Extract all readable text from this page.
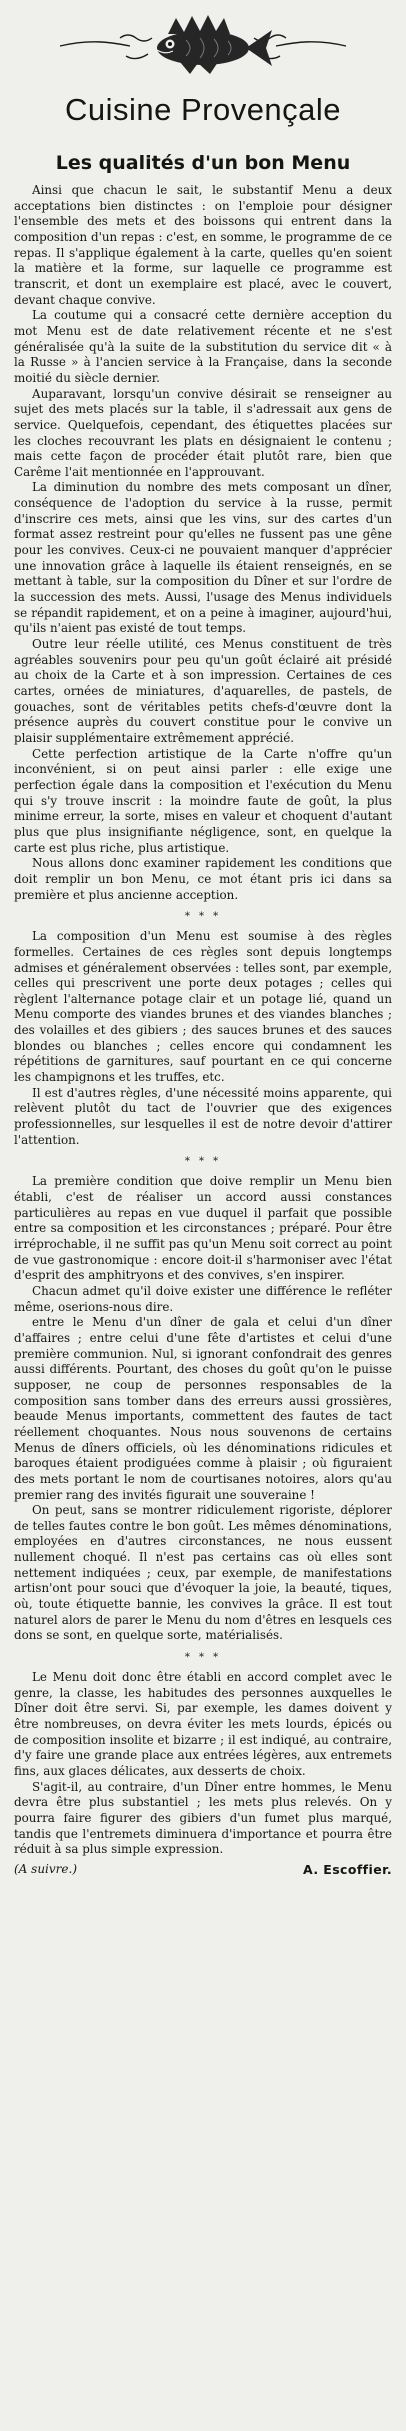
Cuisine Provençale
Les qualités d'un bon Menu

Ainsi que chacun le sait, le substantif Menu a deux acceptations bien distinctes : on l'emploie pour désigner l'ensemble des mets et des boissons qui entrent dans la composition d'un repas : c'est, en somme, le programme de ce repas. Il s'applique également à la carte, quelles qu'en soient la matière et la forme, sur laquelle ce programme est transcrit, et dont un exemplaire est placé, avec le couvert, devant chaque convive.

La coutume qui a consacré cette dernière acception du mot Menu est de date relativement récente et ne s'est généralisée qu'à la suite de la substitution du service dit « à la Russe » à l'ancien service à la Française, dans la seconde moitié du siècle dernier.

Auparavant, lorsqu'un convive désirait se renseigner au sujet des mets placés sur la table, il s'adressait aux gens de service. Quelquefois, cependant, des étiquettes placées sur les cloches recouvrant les plats en désignaient le contenu ; mais cette façon de procéder était plutôt rare, bien que Carême l'ait mentionnée en l'approuvant.

La diminution du nombre des mets composant un dîner, conséquence de l'adoption du service à la russe, permit d'inscrire ces mets, ainsi que les vins, sur des cartes d'un format assez restreint pour qu'elles ne fussent pas une gêne pour les convives. Ceux-ci ne pouvaient manquer d'apprécier une innovation grâce à laquelle ils étaient renseignés, en se mettant à table, sur la composition du Dîner et sur l'ordre de la succession des mets. Aussi, l'usage des Menus individuels se répandit rapidement, et on a peine à imaginer, aujourd'hui, qu'ils n'aient pas existé de tout temps.

Outre leur réelle utilité, ces Menus constituent de très agréables souvenirs pour peu qu'un goût éclairé ait présidé au choix de la Carte et à son impression. Certaines de ces cartes, ornées de miniatures, d'aquarelles, de pastels, de gouaches, sont de véritables petits chefs-d'œuvre dont la présence auprès du couvert constitue pour le convive un plaisir supplémentaire extrêmement apprécié.

Cette perfection artistique de la Carte n'offre qu'un inconvénient, si on peut ainsi parler : elle exige une perfection égale dans la composition et l'exécution du Menu qui s'y trouve inscrit : la moindre faute de goût, la plus minime erreur, la sorte, mises en valeur et choquent d'autant plus que plus insignifiante négligence, sont, en quelque la carte est plus riche, plus artistique.

Nous allons donc examiner rapidement les conditions que doit remplir un bon Menu, ce mot étant pris ici dans sa première et plus ancienne acception.

* * *

La composition d'un Menu est soumise à des règles formelles. Certaines de ces règles sont depuis longtemps admises et généralement observées : telles sont, par exemple, celles qui prescrivent une porte deux potages ; celles qui règlent l'alternance potage clair et un potage lié, quand un Menu comporte des viandes brunes et des viandes blanches ; des volailles et des gibiers ; des sauces brunes et des sauces blondes ou blanches ; celles encore qui condamnent les répétitions de garnitures, sauf pourtant en ce qui concerne les champignons et les truffes, etc.

Il est d'autres règles, d'une nécessité moins apparente, qui relèvent plutôt du tact de l'ouvrier que des exigences professionnelles, sur lesquelles il est de notre devoir d'attirer l'attention.

* * *

La première condition que doive remplir un Menu bien établi, c'est de réaliser un accord aussi constances particulières au repas en vue duquel il parfait que possible entre sa composition et les circonstances ; préparé. Pour être irréprochable, il ne suffit pas qu'un Menu soit correct au point de vue gastronomique : encore doit-il s'harmoniser avec l'état d'esprit des amphitryons et des convives, s'en inspirer.

Chacun admet qu'il doive exister une différence le refléter même, oserions-nous dire.

entre le Menu d'un dîner de gala et celui d'un dîner d'affaires ; entre celui d'une fête d'artistes et celui d'une première communion. Nul, si ignorant confondrait des genres aussi différents. Pourtant, des choses du goût qu'on le puisse supposer, ne coup de personnes responsables de la composition sans tomber dans des erreurs aussi grossières, beaude Menus importants, commettent des fautes de tact réellement choquantes. Nous nous souvenons de certains Menus de dîners officiels, où les dénominations ridicules et baroques étaient prodiguées comme à plaisir ; où figuraient des mets portant le nom de courtisanes notoires, alors qu'au premier rang des invités figurait une souveraine !

On peut, sans se montrer ridiculement rigoriste, déplorer de telles fautes contre le bon goût. Les mêmes dénominations, employées en d'autres circonstances, ne nous eussent nullement choqué. Il n'est pas certains cas où elles sont nettement indiquées ; ceux, par exemple, de manifestations artisn'ont pour souci que d'évoquer la joie, la beauté, tiques, où, toute étiquette bannie, les convives la grâce. Il est tout naturel alors de parer le Menu du nom d'êtres en lesquels ces dons se sont, en quelque sorte, matérialisés.

* * *

Le Menu doit donc être établi en accord complet avec le genre, la classe, les habitudes des personnes auxquelles le Dîner doit être servi. Si, par exemple, les dames doivent y être nombreuses, on devra éviter les mets lourds, épicés ou de composition insolite et bizarre ; il est indiqué, au contraire, d'y faire une grande place aux entrées légères, aux entremets fins, aux glaces délicates, aux desserts de choix.

S'agit-il, au contraire, d'un Dîner entre hommes, le Menu devra être plus substantiel ; les mets plus relevés. On y pourra faire figurer des gibiers d'un fumet plus marqué, tandis que l'entremets diminuera d'importance et pourra être réduit à sa plus simple expression.

(A suivre.)	A. Escoffier.
